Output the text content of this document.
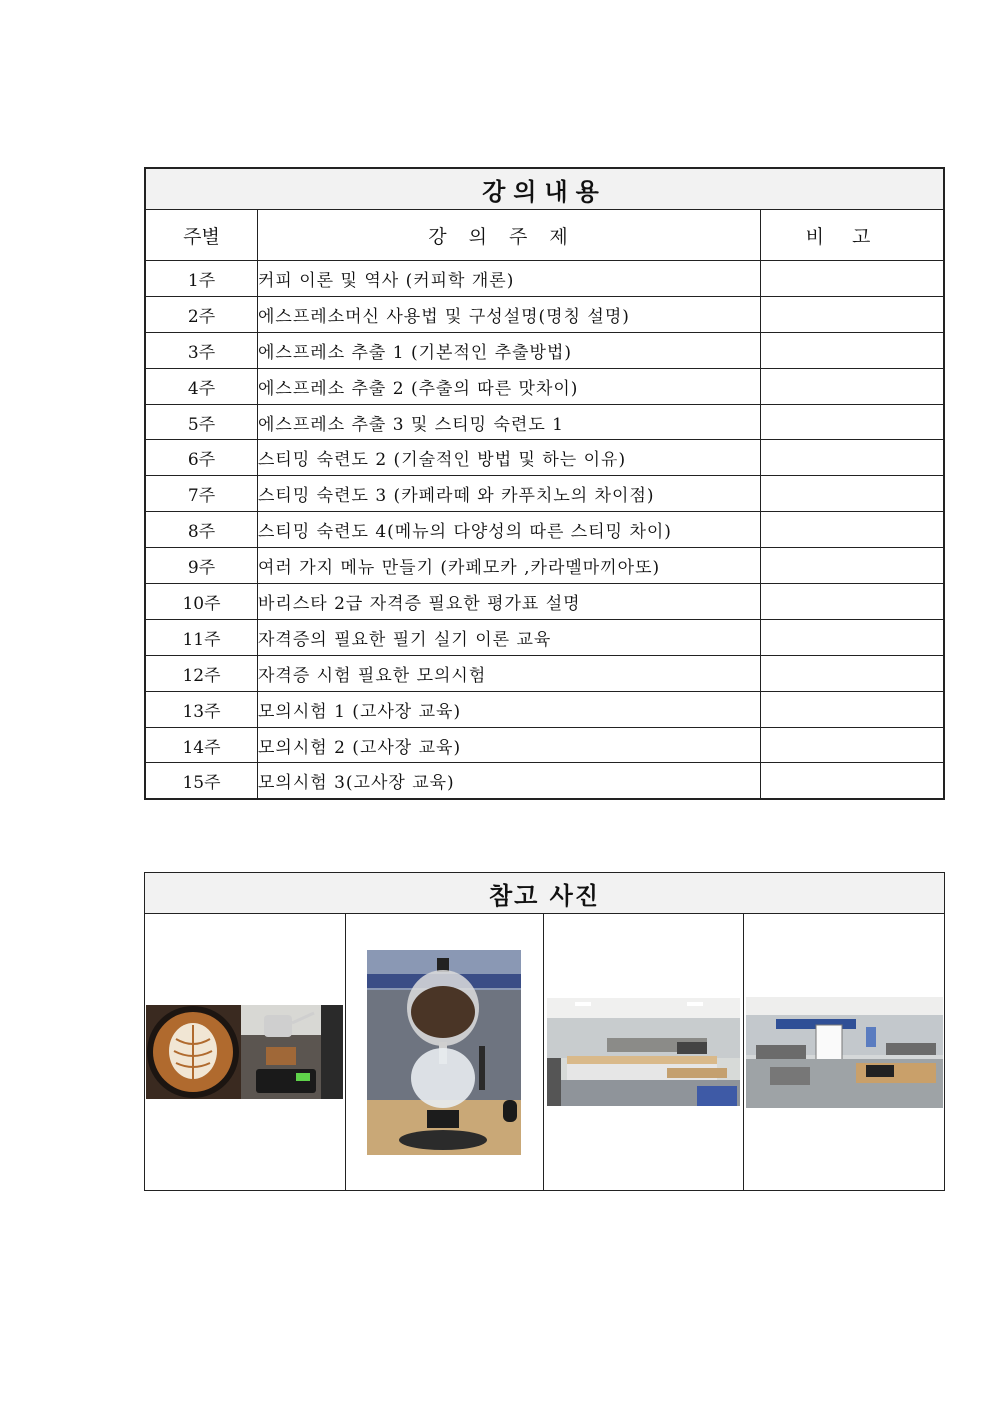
강의내용		
주별	강의주제	비고
1주	커피 이론 및 역사 (커피학 개론)	
2주	에스프레소머신 사용법 및 구성설명(명칭 설명)	
3주	에스프레소 추출 1 (기본적인 추출방법)	
4주	에스프레소 추출 2 (추출의 따른 맛차이)	
5주	에스프레소 추출 3 및 스티밍 숙련도 1	
6주	스티밍 숙련도 2 (기술적인 방법 및 하는 이유)	
7주	스티밍 숙련도 3 (카페라떼 와 카푸치노의 차이점)	
8주	스티밍 숙련도 4(메뉴의 다양성의 따른 스티밍 차이)	
9주	여러 가지 메뉴 만들기 (카페모카 ,카라멜마끼아또)	
10주	바리스타 2급 자격증 필요한 평가표 설명	
11주	자격증의 필요한 필기 실기 이론 교육	
12주	자격증 시험 필요한 모의시험	
13주	모의시험 1 (고사장 교육)	
14주	모의시험 2 (고사장 교육)	
15주	모의시험 3(고사장 교육)	
참고 사진
